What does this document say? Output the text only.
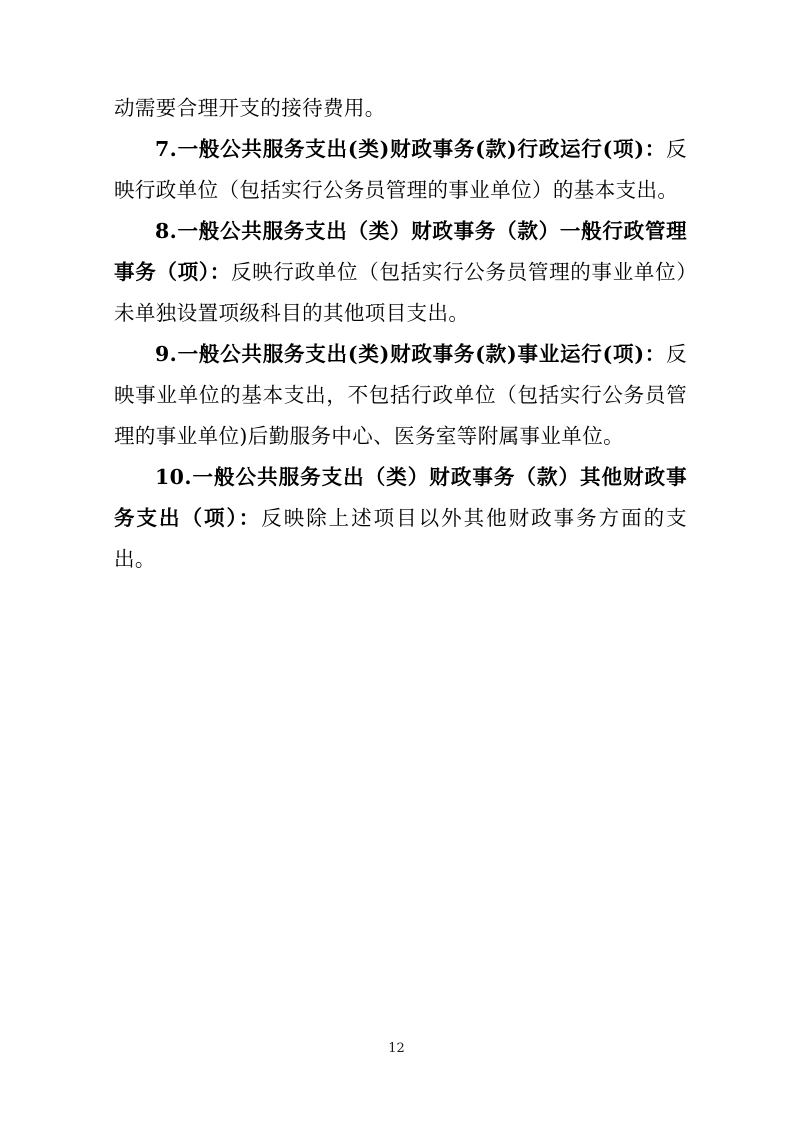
动需要合理开支的接待费用。

7.一般公共服务支出(类)财政事务(款)行政运行(项)：反映行政单位（包括实行公务员管理的事业单位）的基本支出。

8.一般公共服务支出（类）财政事务（款）一般行政管理事务（项）：反映行政单位（包括实行公务员管理的事业单位）未单独设置项级科目的其他项目支出。

9.一般公共服务支出(类)财政事务(款)事业运行(项)：反映事业单位的基本支出，不包括行政单位（包括实行公务员管理的事业单位)后勤服务中心、医务室等附属事业单位。

10.一般公共服务支出（类）财政事务（款）其他财政事务支出（项）：反映除上述项目以外其他财政事务方面的支出。

12
